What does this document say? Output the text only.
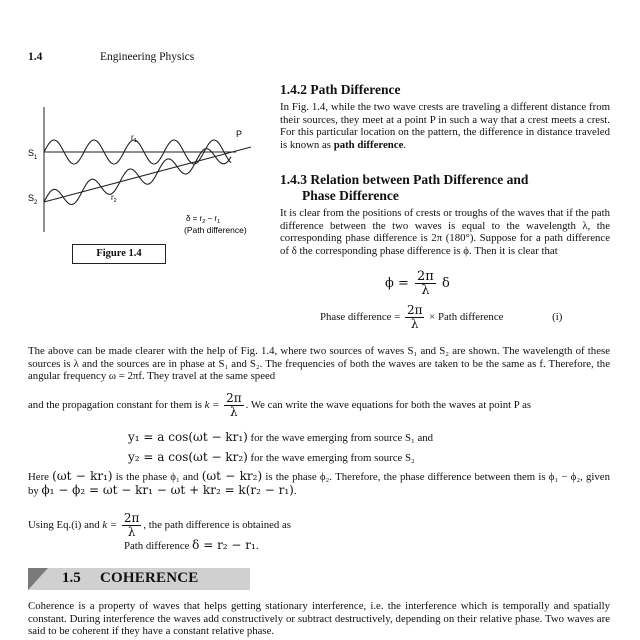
1.4	Engineering Physics
$S_1$
$S_2$
$r_1$
$r_2$
P
$\delta = r_2 - r_1$
(Path difference)
Figure 1.4
1.4.2 Path Difference
In Fig. 1.4, while the two wave crests are traveling a different distance from their sources, they meet at a point P in such a way that a crest meets a crest. For this particular location on the pattern, the difference in distance traveled is known as path difference.
1.4.3 Relation between Path Difference and
Phase Difference
It is clear from the positions of crests or troughs of the waves that if the path difference between the two waves is equal to the wavelength λ, the corresponding phase difference is 2π (180°). Suppose for a path difference of δ the corresponding phase difference is ϕ. Then it is clear that
$\phi = \frac{2\pi}{\lambda}$ δ
Phase difference = $\frac{2\pi}{\lambda}$ × Path difference	(i)
The above can be made clearer with the help of Fig. 1.4, where two sources of waves S₁ and S₂ are shown. The wavelength of these sources is λ and the sources are in phase at S₁ and S₂. The frequencies of both the waves are taken to be the same as f. Therefore, the angular frequency ω = 2πf. They travel at the same speed
and the propagation constant for them is $k = \frac{2\pi}{\lambda}$ . We can write the wave equations for both the waves at point P as
y₁ = a cos(ωt − kr₁) for the wave emerging from source S₁ and
y₂ = a cos(ωt − kr₂) for the wave emerging from source S₂
Here (ωt − kr₁) is the phase ϕ₁ and (ωt − kr₂) is the phase ϕ₂. Therefore, the phase difference between them is ϕ₁ − ϕ₂, given by ϕ₁ − ϕ₂ = ωt − kr₁ − ωt + kr₂ = k(r₂ − r₁).
Using Eq.(i) and $k = \frac{2\pi}{\lambda}$ , the path difference is obtained as
Path difference δ = r₂ − r₁.
1.5 COHERENCE
Coherence is a property of waves that helps getting stationary interference, i.e. the interference which is temporally and spatially constant. During interference the waves add constructively or subtract destructively, depending on their relative phase. Two waves are said to be coherent if they have a constant relative phase.
